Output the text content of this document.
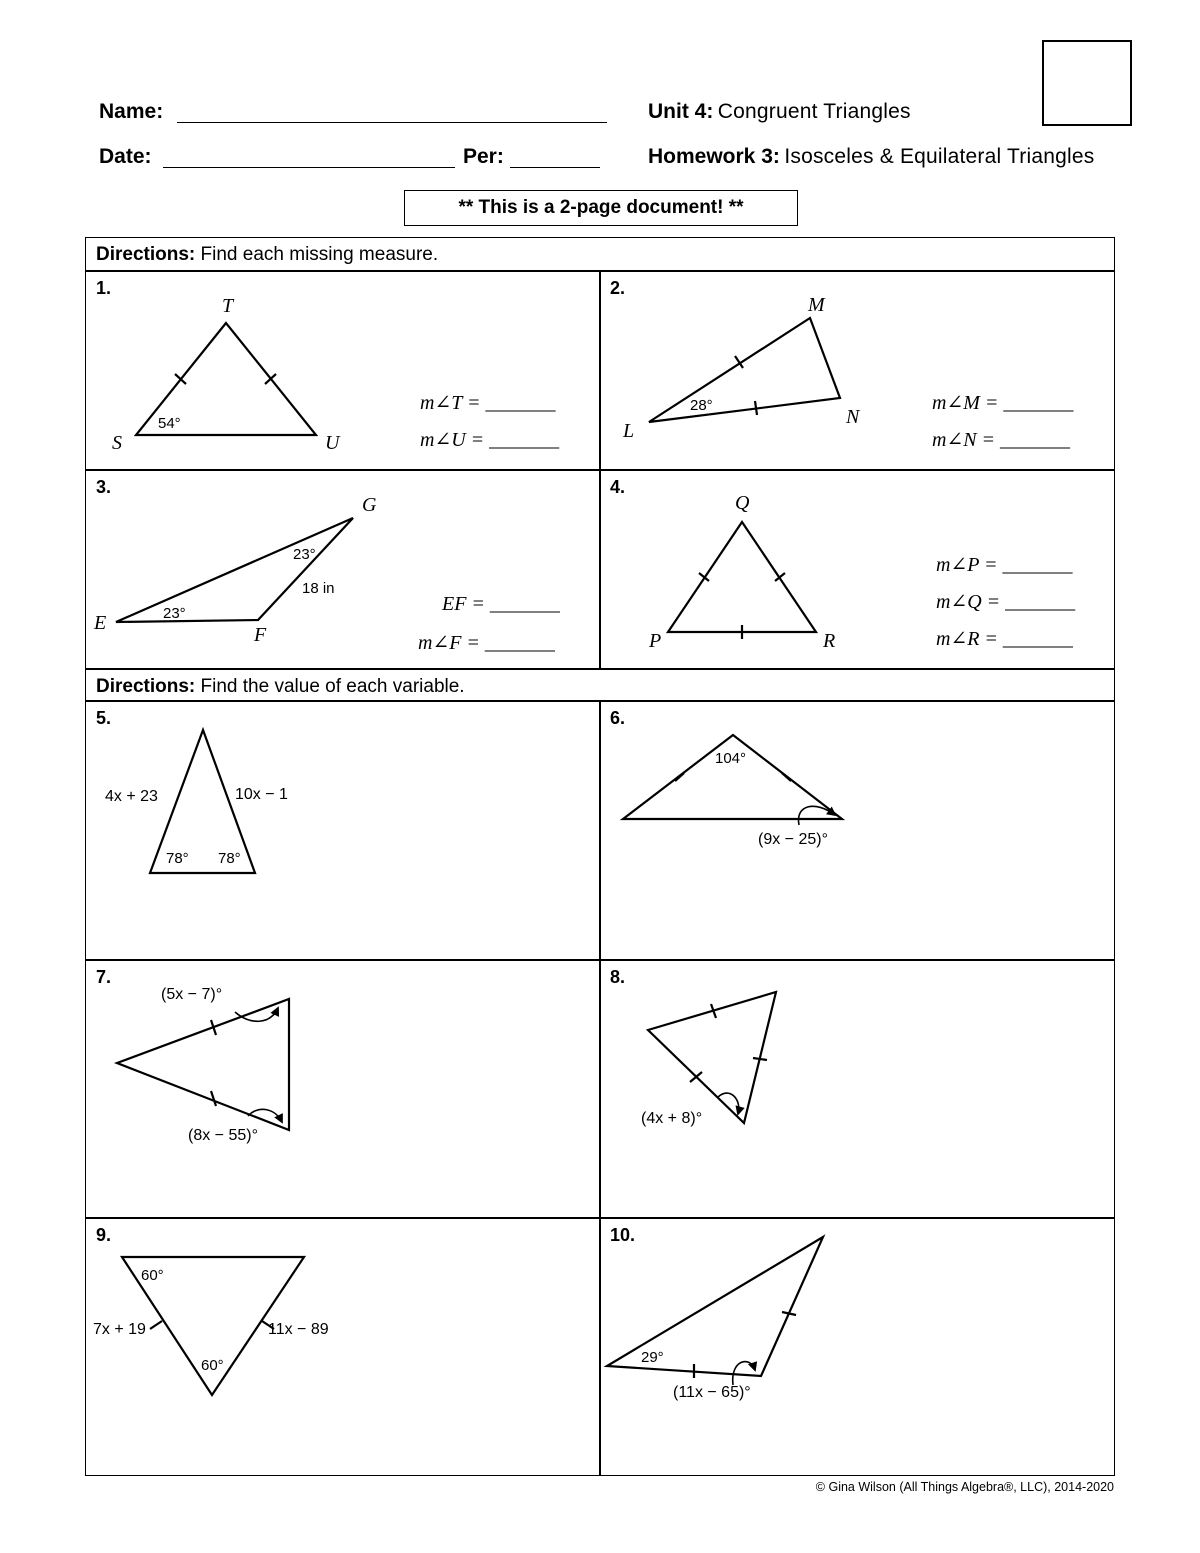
Name:
Date:	Per:
Unit 4: Congruent Triangles
Homework 3: Isosceles & Equilateral Triangles
** This is a 2-page document! **
Directions: Find each missing measure.
Directions: Find the value of each variable.
1.	2.
3.	4.
5.	6.
7.	8.
9.	10.
T
S	U
54°
m∠T = _______
m∠U = _______
M
L
N
28°	m∠M = _______
m∠N = _______
G
E
F
23°
23°
18 in
EF = _______
m∠F = _______
Q
P	R
m∠P = _______
m∠Q = _______
m∠R = _______
4x + 23	10x − 1
78° 78°
104°
(9x − 25)°
(5x − 7)°
(8x − 55)°
(4x + 8)°
60°
60°
7x + 19	11x − 89
29°
(11x − 65)°
© Gina Wilson (All Things Algebra®, LLC), 2014-2020
